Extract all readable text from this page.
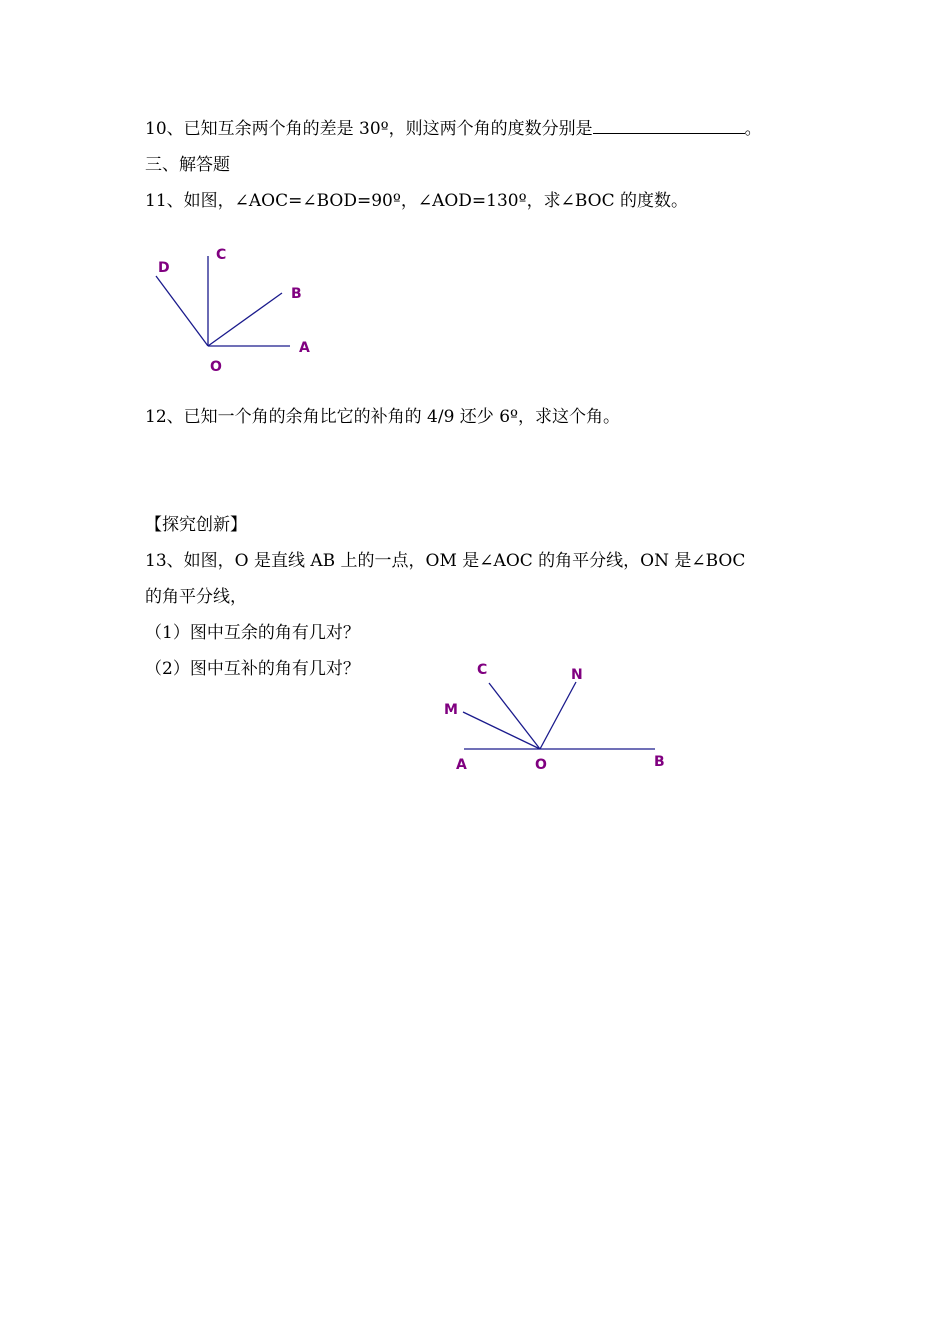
10、已知互余两个角的差是 30º，则这两个角的度数分别是	。
三、解答题
11、如图，∠AOC=∠BOD=90º，∠AOD=130º，求∠BOC 的度数。
D
C
B
A
O
C	N
M
A	O	B
12、已知一个角的余角比它的补角的 4/9 还少 6º，求这个角。
【探究创新】
13、如图，O 是直线 AB 上的一点，OM 是∠AOC 的角平分线，ON 是∠BOC
的角平分线，
（1）图中互余的角有几对？
（2）图中互补的角有几对？
